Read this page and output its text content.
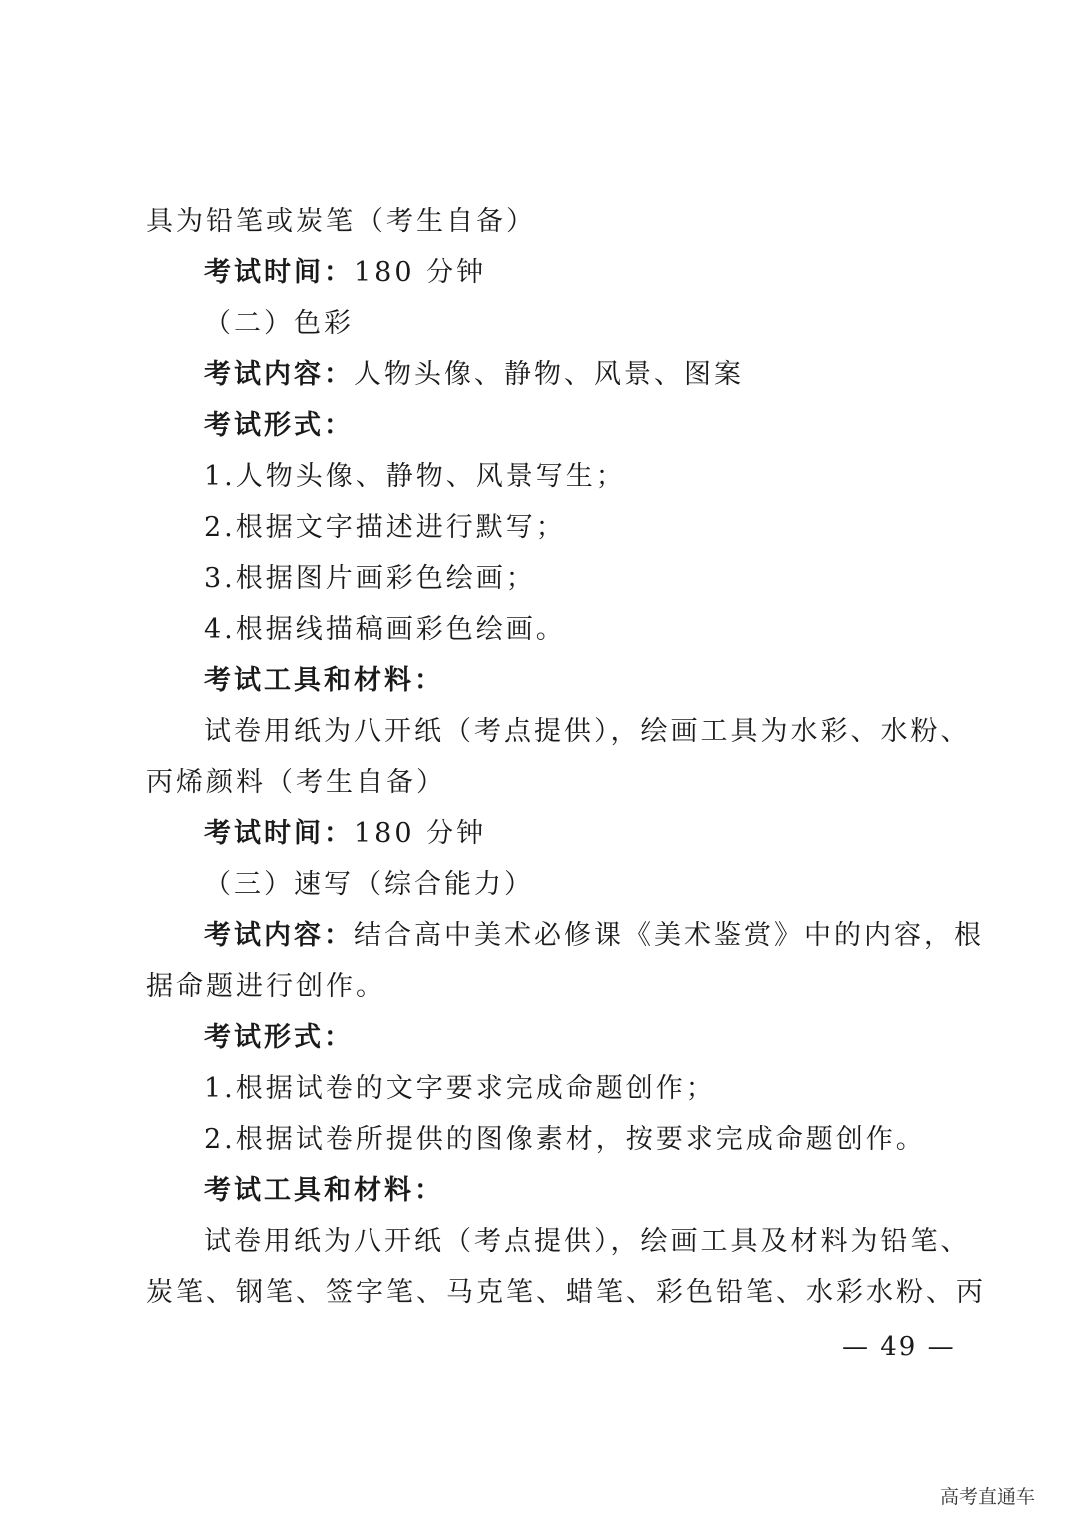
具为铅笔或炭笔（考生自备）
考试时间：180 分钟
（二）色彩
考试内容：人物头像、静物、风景、图案
考试形式：
1.人物头像、静物、风景写生；
2.根据文字描述进行默写；
3.根据图片画彩色绘画；
4.根据线描稿画彩色绘画。
考试工具和材料：
试卷用纸为八开纸（考点提供），绘画工具为水彩、水粉、
丙烯颜料（考生自备）
考试时间：180 分钟
（三）速写（综合能力）
考试内容：结合高中美术必修课《美术鉴赏》中的内容，根
据命题进行创作。
考试形式：
1.根据试卷的文字要求完成命题创作；
2.根据试卷所提供的图像素材，按要求完成命题创作。
考试工具和材料：
试卷用纸为八开纸（考点提供），绘画工具及材料为铅笔、
炭笔、钢笔、签字笔、马克笔、蜡笔、彩色铅笔、水彩水粉、丙
— 49 —
高考直通车
